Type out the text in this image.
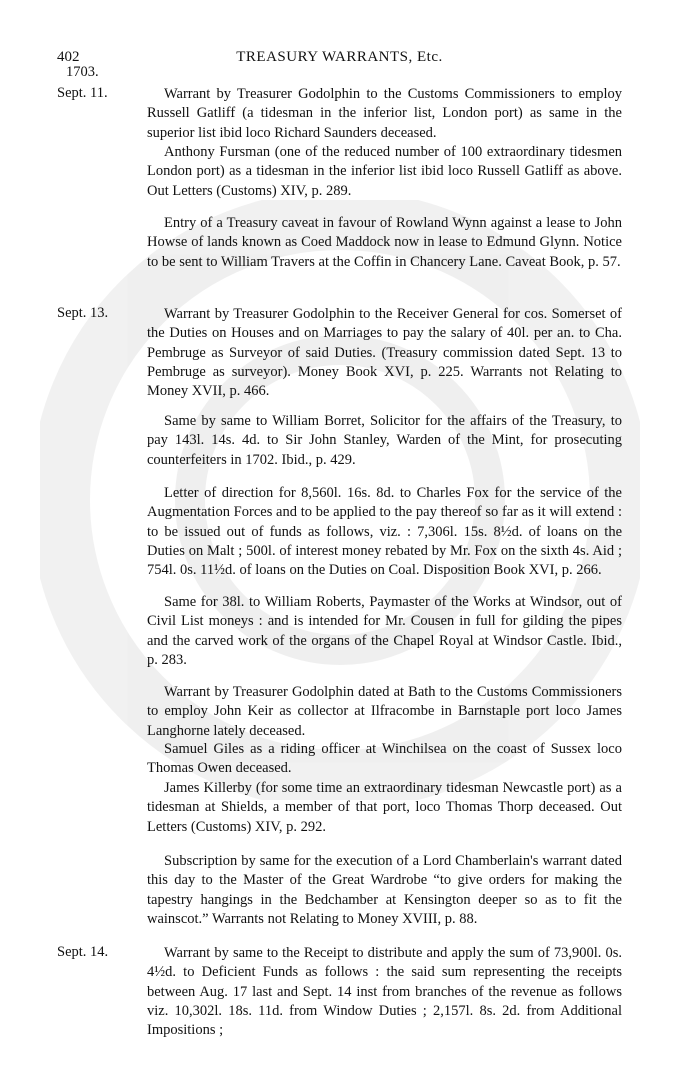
402	TREASURY WARRANTS, Etc.
1703.
Sept. 11.	Warrant by Treasurer Godolphin to the Customs Commissioners to employ Russell Gatliff (a tidesman in the inferior list, London port) as same in the superior list ibid loco Richard Saunders deceased.

Anthony Fursman (one of the reduced number of 100 extraordinary tidesmen London port) as a tidesman in the inferior list ibid loco Russell Gatliff as above. Out Letters (Customs) XIV, p. 289.

Entry of a Treasury caveat in favour of Rowland Wynn against a lease to John Howse of lands known as Coed Maddock now in lease to Edmund Glynn. Notice to be sent to William Travers at the Coffin in Chancery Lane. Caveat Book, p. 57.

Sept. 13.	Warrant by Treasurer Godolphin to the Receiver General for cos. Somerset of the Duties on Houses and on Marriages to pay the salary of 40l. per an. to Cha. Pembruge as Surveyor of said Duties. (Treasury commission dated Sept. 13 to Pembruge as surveyor). Money Book XVI, p. 225. Warrants not Relating to Money XVII, p. 466.

Same by same to William Borret, Solicitor for the affairs of the Treasury, to pay 143l. 14s. 4d. to Sir John Stanley, Warden of the Mint, for prosecuting counterfeiters in 1702. Ibid., p. 429.

Letter of direction for 8,560l. 16s. 8d. to Charles Fox for the service of the Augmentation Forces and to be applied to the pay thereof so far as it will extend : to be issued out of funds as follows, viz. : 7,306l. 15s. 8½d. of loans on the Duties on Malt ; 500l. of interest money rebated by Mr. Fox on the sixth 4s. Aid ; 754l. 0s. 11½d. of loans on the Duties on Coal. Disposition Book XVI, p. 266.

Same for 38l. to William Roberts, Paymaster of the Works at Windsor, out of Civil List moneys : and is intended for Mr. Cousen in full for gilding the pipes and the carved work of the organs of the Chapel Royal at Windsor Castle. Ibid., p. 283.

Warrant by Treasurer Godolphin dated at Bath to the Customs Commissioners to employ John Keir as collector at Ilfracombe in Barnstaple port loco James Langhorne lately deceased.

Samuel Giles as a riding officer at Winchilsea on the coast of Sussex loco Thomas Owen deceased.

James Killerby (for some time an extraordinary tidesman Newcastle port) as a tidesman at Shields, a member of that port, loco Thomas Thorp deceased. Out Letters (Customs) XIV, p. 292.

Subscription by same for the execution of a Lord Chamberlain's warrant dated this day to the Master of the Great Wardrobe “to give orders for making the tapestry hangings in the Bedchamber at Kensington deeper so as to fit the wainscot.” Warrants not Relating to Money XVIII, p. 88.

Sept. 14.	Warrant by same to the Receipt to distribute and apply the sum of 73,900l. 0s. 4½d. to Deficient Funds as follows : the said sum representing the receipts between Aug. 17 last and Sept. 14 inst from branches of the revenue as follows viz. 10,302l. 18s. 11d. from Window Duties ; 2,157l. 8s. 2d. from Additional Impositions ;
